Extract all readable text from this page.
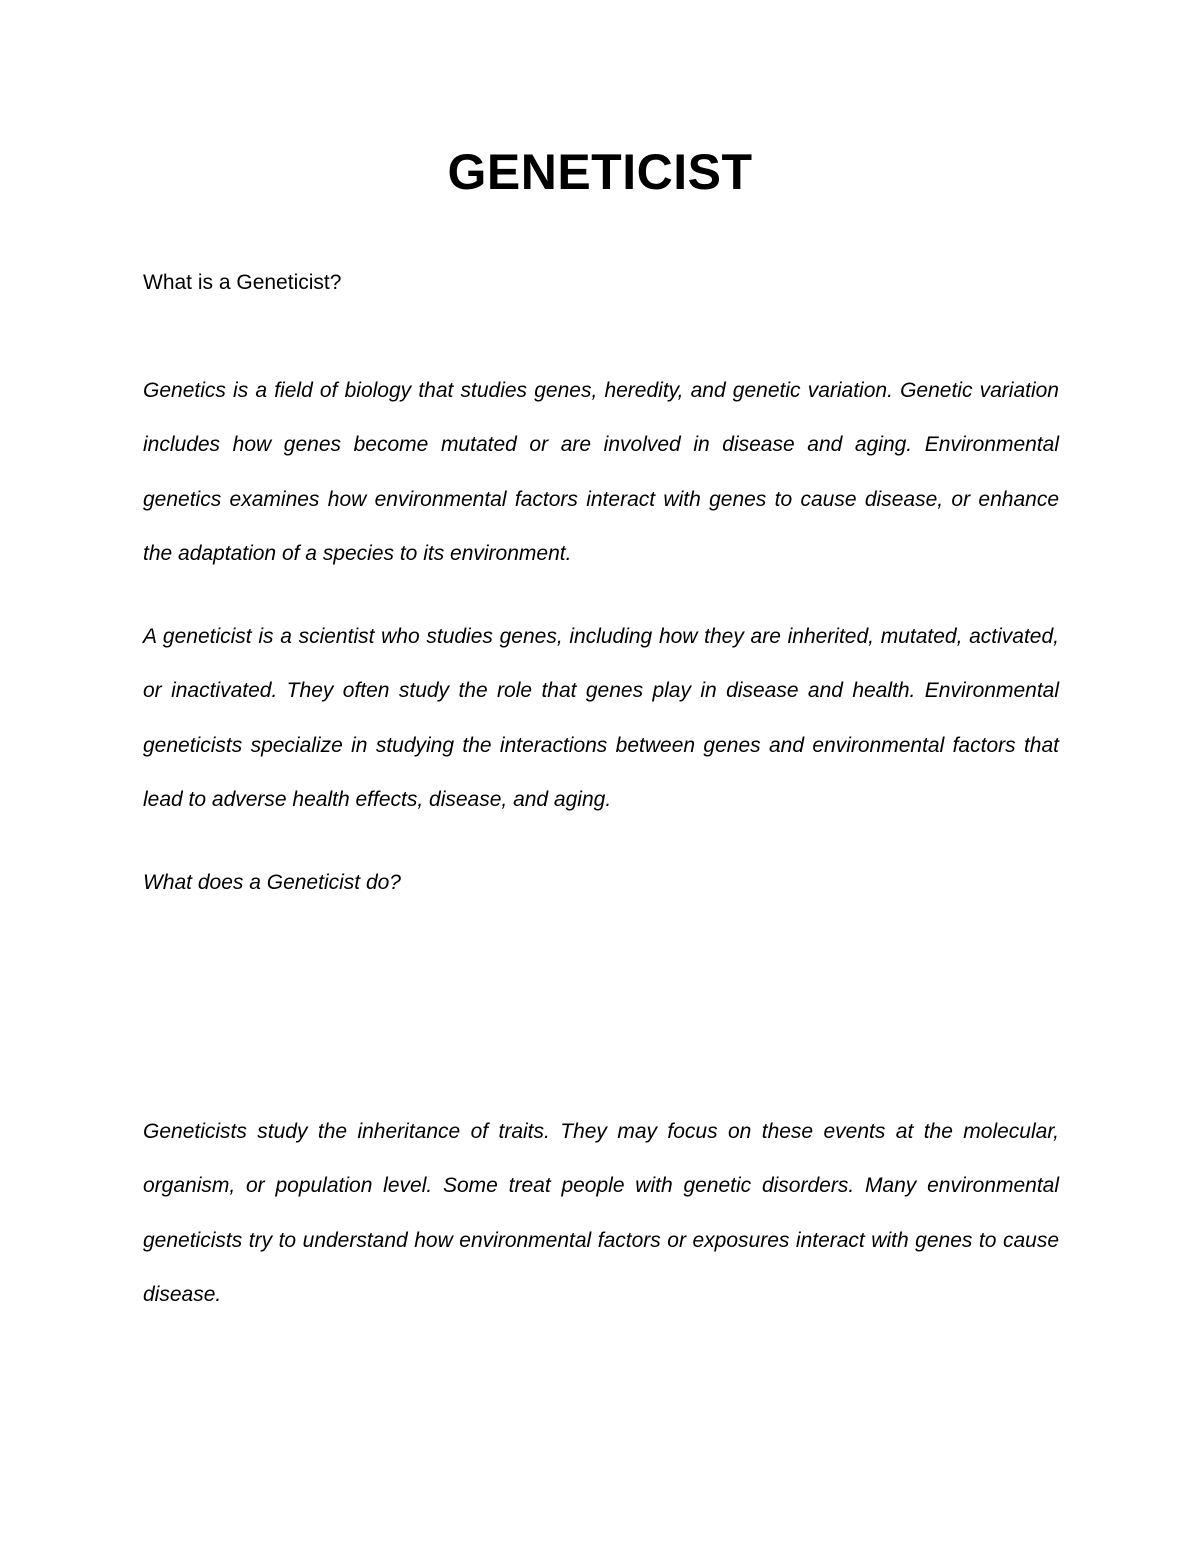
GENETICIST

What is a Geneticist?

Genetics is a field of biology that studies genes, heredity, and genetic variation. Genetic variation includes how genes become mutated or are involved in disease and aging. Environmental genetics examines how environmental factors interact with genes to cause disease, or enhance the adaptation of a species to its environment.

A geneticist is a scientist who studies genes, including how they are inherited, mutated, activated, or inactivated. They often study the role that genes play in disease and health. Environmental geneticists specialize in studying the interactions between genes and environmental factors that lead to adverse health effects, disease, and aging.

What does a Geneticist do?

Geneticists study the inheritance of traits. They may focus on these events at the molecular, organism, or population level. Some treat people with genetic disorders. Many environmental geneticists try to understand how environmental factors or exposures interact with genes to cause disease.
